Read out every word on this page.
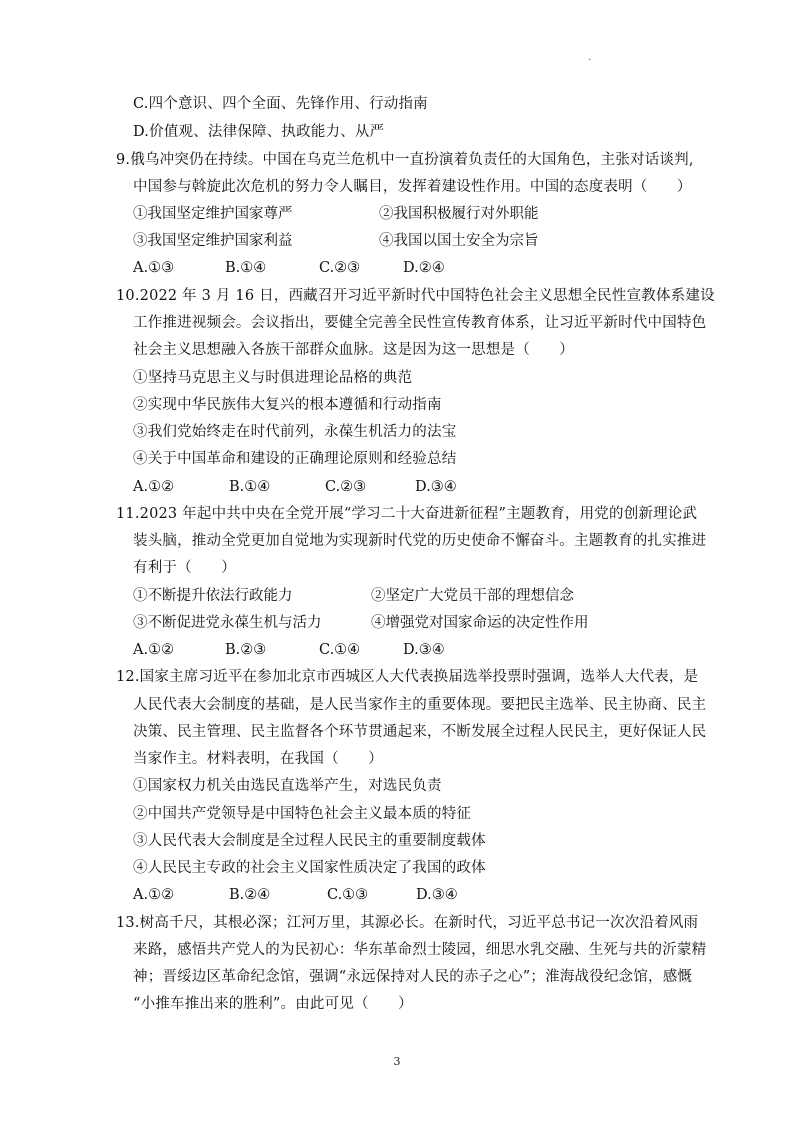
.
C.四个意识、四个全面、先锋作用、行动指南
D.价值观、法律保障、执政能力、从严
9.俄乌冲突仍在持续。中国在乌克兰危机中一直扮演着负责任的大国角色，主张对话谈判,
中国参与斡旋此次危机的努力令人瞩目，发挥着建设性作用。中国的态度表明（　　）
①我国坚定维护国家尊严	②我国积极履行对外职能
③我国坚定维护国家利益	④我国以国土安全为宗旨
A.①③	B.①④	C.②③	D.②④
10.2022 年 3 月 16 日，西藏召开习近平新时代中国特色社会主义思想全民性宣教体系建设
工作推进视频会。会议指出，要健全完善全民性宣传教育体系，让习近平新时代中国特色
社会主义思想融入各族干部群众血脉。这是因为这一思想是（　　）
①坚持马克思主义与时俱进理论品格的典范
②实现中华民族伟大复兴的根本遵循和行动指南
③我们党始终走在时代前列，永葆生机活力的法宝
④关于中国革命和建设的正确理论原则和经验总结
A.①②	B.①④	C.②③	D.③④
11.2023 年起中共中央在全党开展“学习二十大奋进新征程”主题教育，用党的创新理论武
装头脑，推动全党更加自觉地为实现新时代党的历史使命不懈奋斗。主题教育的扎实推进
有利于（　　）
①不断提升依法行政能力	②坚定广大党员干部的理想信念
③不断促进党永葆生机与活力	④增强党对国家命运的决定性作用
A.①②	B.②③	C.①④	D.③④
12.国家主席习近平在参加北京市西城区人大代表换届选举投票时强调，选举人大代表，是
人民代表大会制度的基础，是人民当家作主的重要体现。要把民主选举、民主协商、民主
决策、民主管理、民主监督各个环节贯通起来，不断发展全过程人民民主，更好保证人民
当家作主。材料表明，在我国（　　）
①国家权力机关由选民直选举产生，对选民负责
②中国共产党领导是中国特色社会主义最本质的特征
③人民代表大会制度是全过程人民民主的重要制度载体
④人民民主专政的社会主义国家性质决定了我国的政体
A.①②	B.②④	C.①③	D.③④
13.树高千尺，其根必深；江河万里，其源必长。在新时代，习近平总书记一次次沿着风雨
来路，感悟共产党人的为民初心：华东革命烈士陵园，细思水乳交融、生死与共的沂蒙精
神；晋绥边区革命纪念馆，强调“永远保持对人民的赤子之心”；淮海战役纪念馆，感慨
“小推车推出来的胜利”。由此可见（　　）
3
